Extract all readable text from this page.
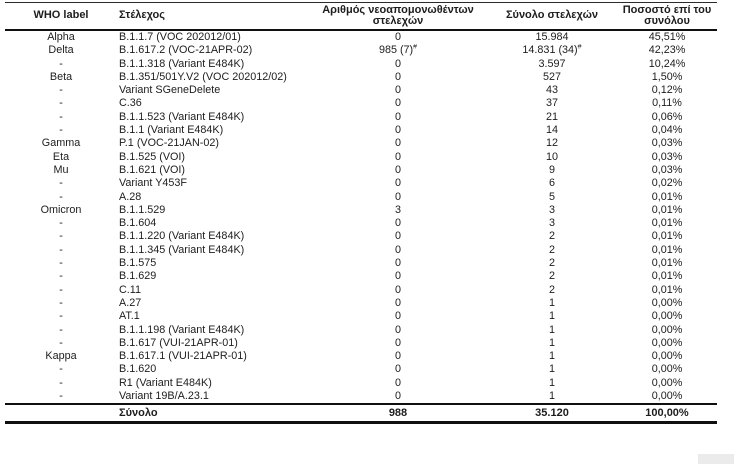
WHO label	Στέλεχος	Αριθμός νεοαπομονωθέντων στελεχών	Σύνολο στελεχών	Ποσοστό επί του συνόλου
Alpha	B.1.1.7 (VOC 202012/01)	0	15.984	45,51%
Delta	B.1.617.2 (VOC-21APR-02)	985 (7)#	14.831 (34)#	42,23%
-	B.1.1.318 (Variant E484K)	0	3.597	10,24%
Beta	B.1.351/501Y.V2 (VOC 202012/02)	0	527	1,50%
-	Variant SGeneDelete	0	43	0,12%
-	C.36	0	37	0,11%
-	B.1.1.523 (Variant E484K)	0	21	0,06%
-	B.1.1 (Variant E484K)	0	14	0,04%
Gamma	P.1 (VOC-21JAN-02)	0	12	0,03%
Eta	B.1.525 (VOI)	0	10	0,03%
Mu	B.1.621 (VOI)	0	9	0,03%
-	Variant Y453F	0	6	0,02%
-	A.28	0	5	0,01%
Omicron	B.1.1.529	3	3	0,01%
-	B.1.604	0	3	0,01%
-	B.1.1.220 (Variant E484K)	0	2	0,01%
-	B.1.1.345 (Variant E484K)	0	2	0,01%
-	B.1.575	0	2	0,01%
-	B.1.629	0	2	0,01%
-	C.11	0	2	0,01%
-	A.27	0	1	0,00%
-	AT.1	0	1	0,00%
-	B.1.1.198 (Variant E484K)	0	1	0,00%
-	B.1.617 (VUI-21APR-01)	0	1	0,00%
Kappa	B.1.617.1 (VUI-21APR-01)	0	1	0,00%
-	B.1.620	0	1	0,00%
-	R1 (Variant E484K)	0	1	0,00%
-	Variant 19B/A.23.1	0	1	0,00%
	Σύνολο	988	35.120	100,00%
